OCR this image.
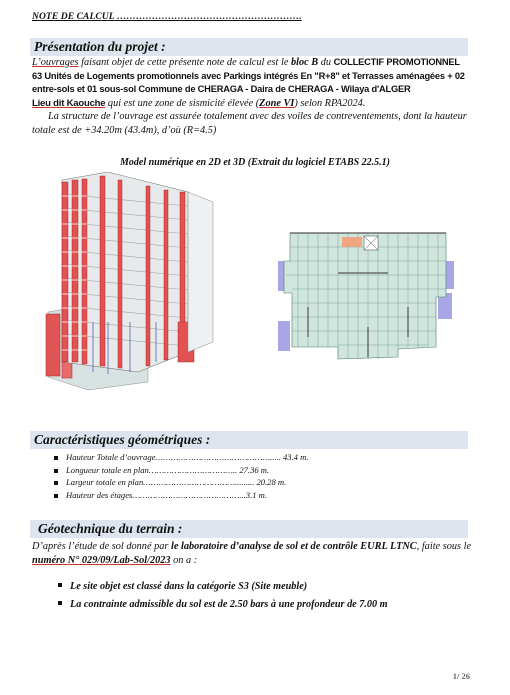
NOTE DE CALCUL ………………………………………………….
Présentation du projet :
L’ouvrages faisant objet de cette présente note de calcul est le bloc B du COLLECTIF PROMOTIONNEL 63 Unités de Logements promotionnels avec Parkings intégrés En "R+8" et Terrasses aménagées + 02 entre-sols et 01 sous-sol Commune de CHERAGA - Daira de CHERAGA - Wilaya d'ALGER
Lieu dit Kaouche qui est une zone de sismicité élevée (Zone VI) selon RPA2024.
La structure de l’ouvrage est assurée totalement avec des voiles de contreventements, dont la hauteur totale est de +34.20m (43.4m), d’où (R=4.5)
Model numérique en 2D et 3D (Extrait du logiciel ETABS 22.5.1)
Caractéristiques géométriques :
Hauteur Totale d’ouvrage………………………………………..... 43.4 m.
Longueur totale en plan…………………………….. 27.36 m.
Largeur totale en plan………………………………......... 20.28 m.
Hauteur des étages……………………………………...3.1 m.
Géotechnique du terrain :
D’après l’étude de sol donné par le laboratoire d’analyse de sol et de contrôle EURL LTNC, faite sous le numéro N° 029/09/Lab-Sol/2023 on a :
Le site objet est classé dans la catégorie S3 (Site meuble)
La contrainte admissible du sol est de 2.50 bars à une profondeur de 7.00 m
1/ 26
